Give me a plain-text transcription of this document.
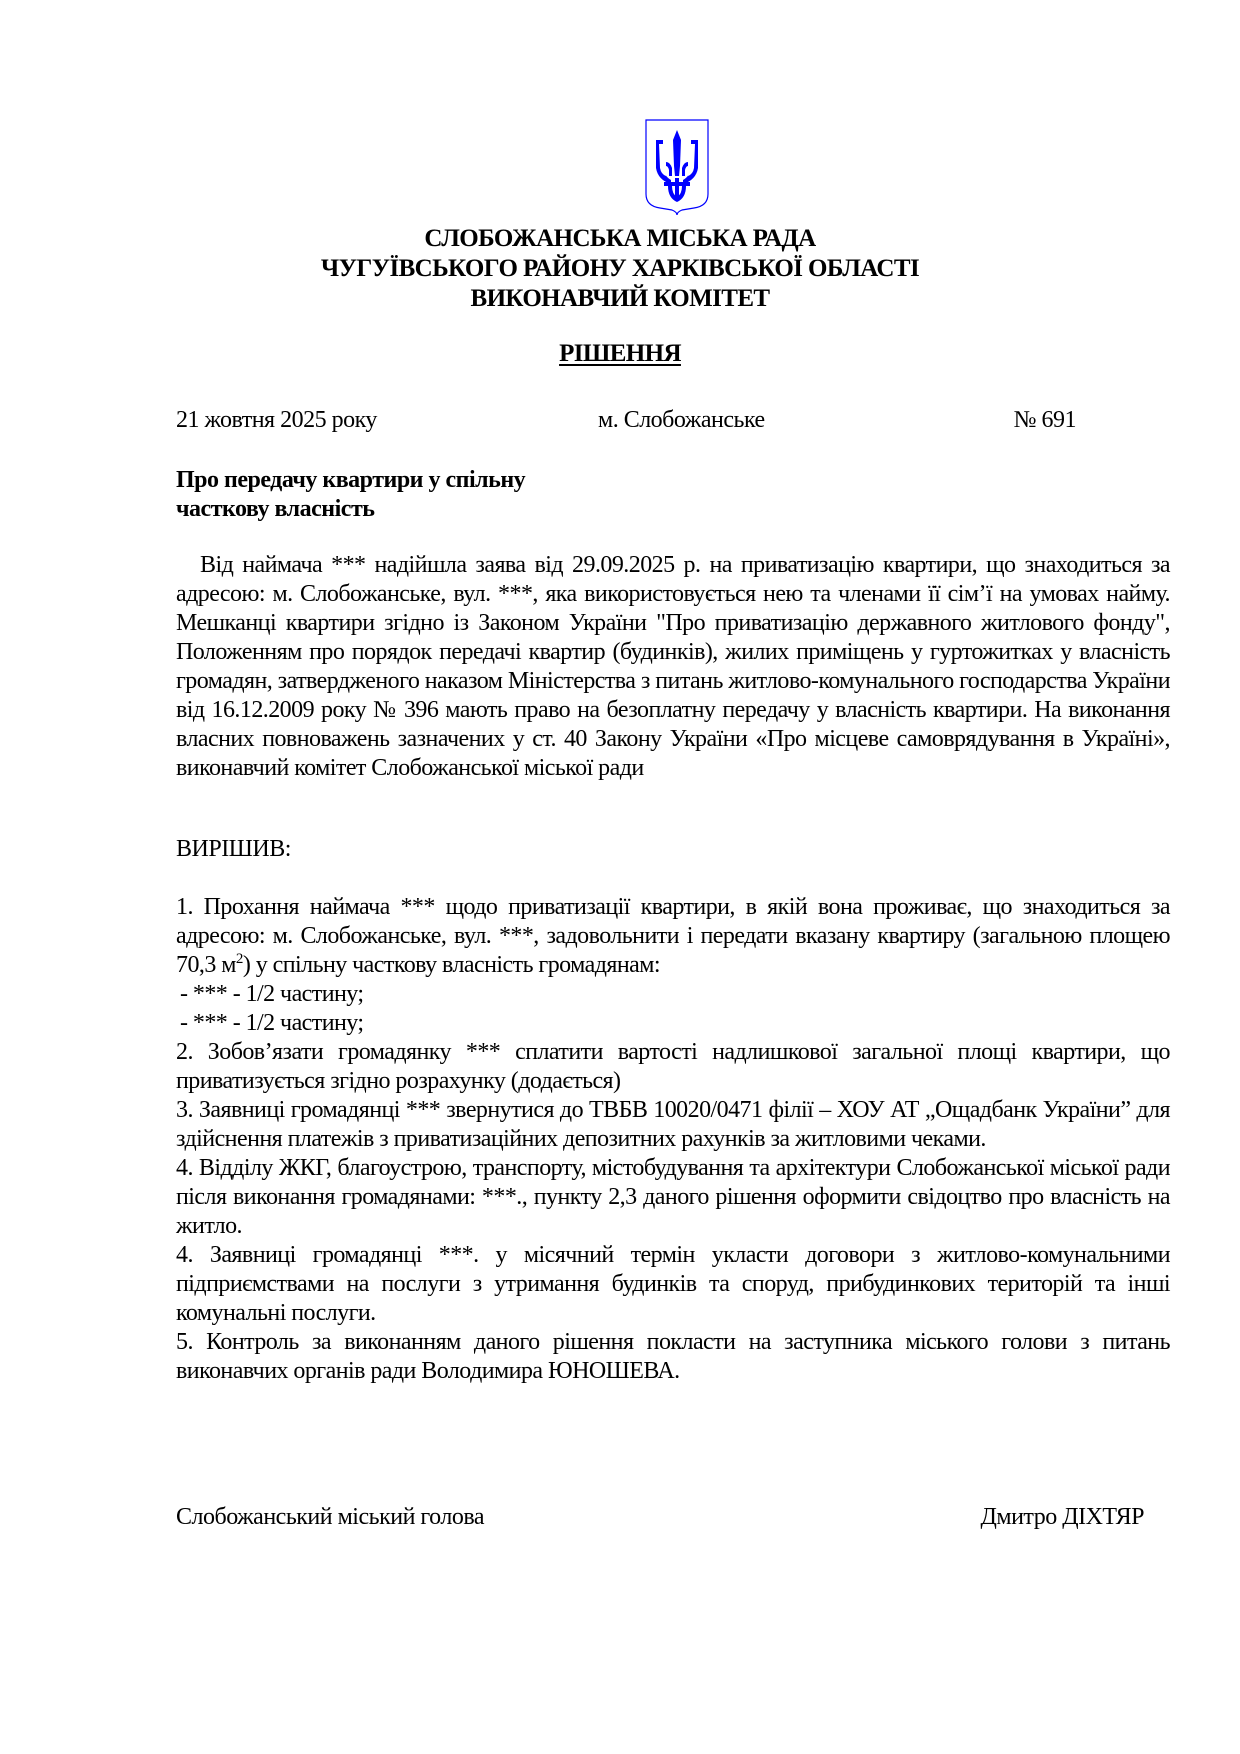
СЛОБОЖАНСЬКА МІСЬКА РАДА
ЧУГУЇВСЬКОГО РАЙОНУ ХАРКІВСЬКОЇ ОБЛАСТІ
ВИКОНАВЧИЙ КОМІТЕТ
РІШЕННЯ
21 жовтня 2025 року	м. Слобожанське	№ 691
Про передачу квартири у спільну
часткову власність
Від наймача *** надійшла заява від 29.09.2025 р. на приватизацію квартири, що знаходиться за адресою: м. Слобожанське, вул. ***, яка використовується нею та членами її сім’ї на умовах найму. Мешканці квартири згідно із Законом України "Про приватизацію державного житлового фонду", Положенням про порядок передачі квартир (будинків), жилих приміщень у гуртожитках у власність громадян, затвердженого наказом Міністерства з питань житлово-комунального господарства України від 16.12.2009 року № 396 мають право на безоплатну передачу у власність квартири. На виконання власних повноважень зазначених у ст. 40 Закону України «Про місцеве самоврядування в Україні», виконавчий комітет Слобожанської міської ради
ВИРІШИВ:

1. Прохання наймача *** щодо приватизації квартири, в якій вона проживає, що знаходиться за адресою: м. Слобожанське, вул. ***, задовольнити і передати вказану квартиру (загальною площею 70,3 $м^2$) у спільну часткову власність громадянам:

- *** - 1/2 частину;

- *** - 1/2 частину;

2. Зобов’язати громадянку *** сплатити вартості надлишкової загальної площі квартири, що приватизується згідно розрахунку (додається)

3. Заявниці громадянці *** звернутися до ТВБВ 10020/0471 філії – ХОУ АТ „Ощадбанк України” для здійснення платежів з приватизаційних депозитних рахунків за житловими чеками.

4. Відділу ЖКГ, благоустрою, транспорту, містобудування та архітектури Слобожанської міської ради після виконання громадянами: ***., пункту 2,3 даного рішення оформити свідоцтво про власність на житло.

4. Заявниці громадянці ***. у місячний термін укласти договори з житлово-комунальними підприємствами на послуги з утримання будинків та споруд, прибудинкових територій та інші комунальні послуги.

5. Контроль за виконанням даного рішення покласти на заступника міського голови з питань виконавчих органів ради Володимира ЮНОШЕВА.

Слобожанський міський голова	Дмитро ДІХТЯР
